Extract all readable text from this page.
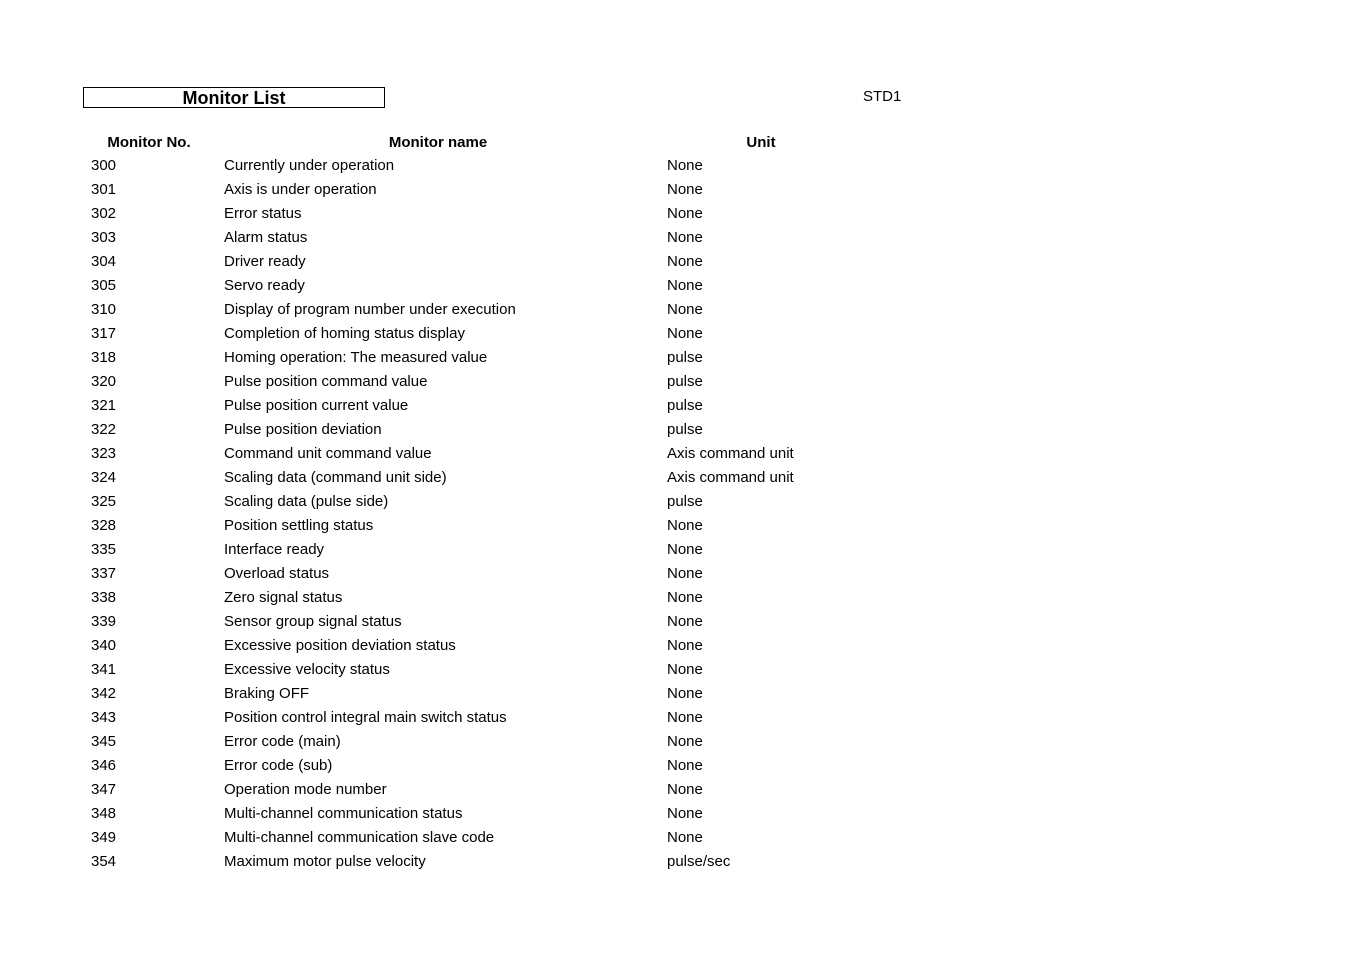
Monitor List	STD1
Monitor No.	Monitor name	Unit
300	Currently under operation	None
301	Axis is under operation	None
302	Error status	None
303	Alarm status	None
304	Driver ready	None
305	Servo ready	None
310	Display of program number under execution	None
317	Completion of homing status display	None
318	Homing operation: The measured value	pulse
320	Pulse position command value	pulse
321	Pulse position current value	pulse
322	Pulse position deviation	pulse
323	Command unit command value	Axis command unit
324	Scaling data (command unit side)	Axis command unit
325	Scaling data (pulse side)	pulse
328	Position settling status	None
335	Interface ready	None
337	Overload status	None
338	Zero signal status	None
339	Sensor group signal status	None
340	Excessive position deviation status	None
341	Excessive velocity status	None
342	Braking OFF	None
343	Position control integral main switch status	None
345	Error code (main)	None
346	Error code (sub)	None
347	Operation mode number	None
348	Multi-channel communication status	None
349	Multi-channel communication slave code	None
354	Maximum motor pulse velocity	pulse/sec
